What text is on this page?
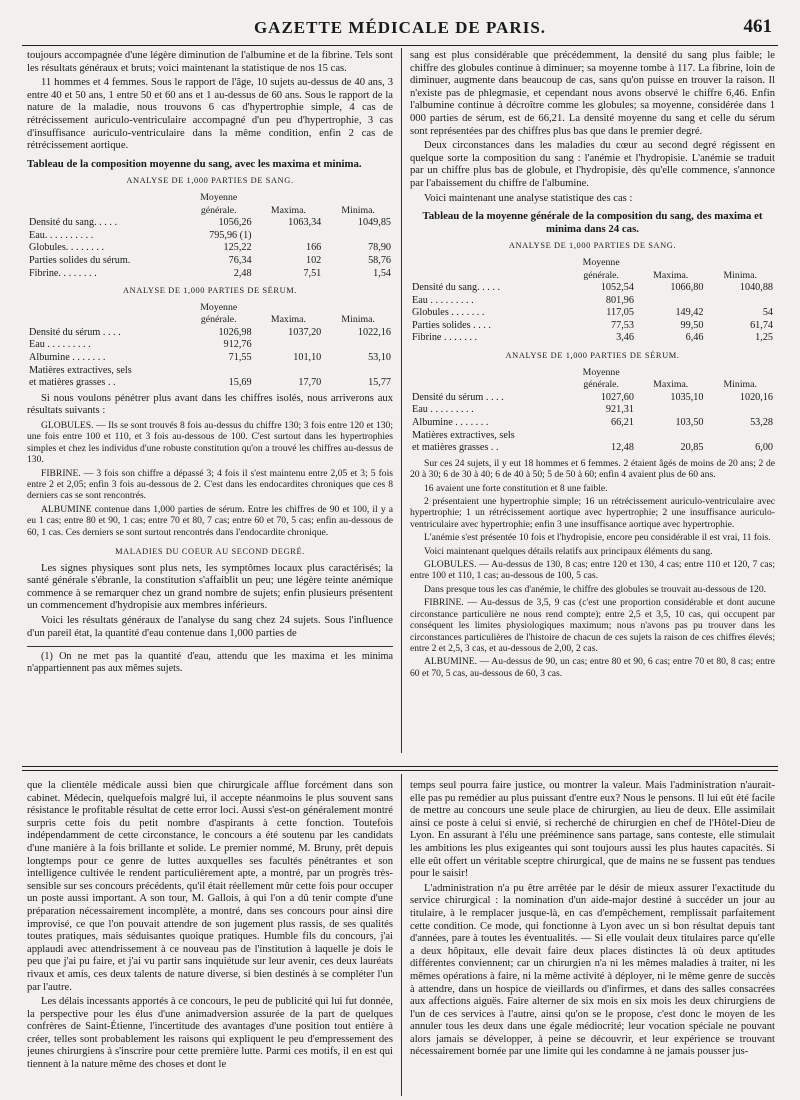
GAZETTE MÉDICALE DE PARIS.	461

toujours accompagnée d'une légère diminution de l'albumine et de la fibrine. Tels sont les résultats généraux et bruts; voici maintenant la statistique de nos 15 cas.

11 hommes et 4 femmes. Sous le rapport de l'âge, 10 sujets au-dessus de 40 ans, 3 entre 40 et 50 ans, 1 entre 50 et 60 ans et 1 au-dessus de 60 ans. Sous le rapport de la nature de la maladie, nous trouvons 6 cas d'hypertrophie simple, 4 cas de rétrécissement auriculo-ventriculaire accompagné d'un peu d'hypertrophie, 3 cas d'insuffisance auriculo-ventriculaire dans la même condition, enfin 2 cas de rétrécissement aortique.

Tableau de la composition moyenne du sang, avec les maxima et minima.

ANALYSE DE 1,000 PARTIES DE SANG.

	Moyenne générale.	Maxima.	Minima.
Densité du sang. . . . .	1056,26	1063,34	1049,85
Eau. . . . . . . . . .	795,96 (1)		
Globules. . . . . . . .	125,22	166	78,90
Parties solides du sérum.	76,34	102	58,76
Fibrine. . . . . . . .	2,48	7,51	1,54

ANALYSE DE 1,000 PARTIES DE SÉRUM.

	Moyenne générale.	Maxima.	Minima.
Densité du sérum . . . .	1026,98	1037,20	1022,16
Eau . . . . . . . . .	912,76		
Albumine . . . . . . .	71,55	101,10	53,10
Matières extractives, sels			
et matières grasses . .	15,69	17,70	15,77

Si nous voulons pénétrer plus avant dans les chiffres isolés, nous arriverons aux résultats suivants :

GLOBULES. — Ils se sont trouvés 8 fois au-dessus du chiffre 130; 3 fois entre 120 et 130; une fois entre 100 et 110, et 3 fois au-dessous de 100. C'est surtout dans les hypertrophies simples et chez les individus d'une robuste constitution qu'on a trouvé les chiffres au-dessus de 130.

FIBRINE. — 3 fois son chiffre a dépassé 3; 4 fois il s'est maintenu entre 2,05 et 3; 5 fois entre 2 et 2,05; enfin 3 fois au-dessous de 2. C'est dans les endocardites chroniques que ces 8 derniers cas se sont rencontrés.

ALBUMINE contenue dans 1,000 parties de sérum. Entre les chiffres de 90 et 100, il y a eu 1 cas; entre 80 et 90, 1 cas; entre 70 et 80, 7 cas; entre 60 et 70, 5 cas; enfin au-dessous de 60, 1 cas. Ces derniers se sont surtout rencontrés dans l'endocardite chronique.

MALADIES DU COEUR AU SECOND DEGRÉ.

Les signes physiques sont plus nets, les symptômes locaux plus caractérisés; la santé générale s'ébranle, la constitution s'affaiblit un peu; une légère teinte anémique commence à se remarquer chez un grand nombre de sujets; enfin plusieurs présentent un commencement d'hydropisie aux membres inférieurs.

Voici les résultats généraux de l'analyse du sang chez 24 sujets. Sous l'influence d'un pareil état, la quantité d'eau contenue dans 1,000 parties de

(1) On ne met pas la quantité d'eau, attendu que les maxima et les minima n'appartiennent pas aux mêmes sujets.

sang est plus considérable que précédemment, la densité du sang plus faible; le chiffre des globules continue à diminuer; sa moyenne tombe à 117. La fibrine, loin de diminuer, augmente dans beaucoup de cas, sans qu'on puisse en trouver la raison. Il n'existe pas de phlegmasie, et cependant nous avons observé le chiffre 6,46. Enfin l'albumine continue à décroître comme les globules; sa moyenne, considérée dans 1 000 parties de sérum, est de 66,21. La densité moyenne du sang et celle du sérum sont représentées par des chiffres plus bas que dans le premier degré.

Deux circonstances dans les maladies du cœur au second degré régissent en quelque sorte la composition du sang : l'anémie et l'hydropisie. L'anémie se traduit par un chiffre plus bas de globule, et l'hydropisie, dès qu'elle commence, s'annonce par l'abaissement du chiffre de l'albumine.

Voici maintenant une analyse statistique des cas :

Tableau de la moyenne générale de la composition du sang, des maxima et minima dans 24 cas.

ANALYSE DE 1,000 PARTIES DE SANG.

	Moyenne générale.	Maxima.	Minima.
Densité du sang. . . . .	1052,54	1066,80	1040,88
Eau . . . . . . . . .	801,96		
Globules . . . . . . .	117,05	149,42	54
Parties solides . . . .	77,53	99,50	61,74
Fibrine . . . . . . .	3,46	6,46	1,25

ANALYSE DE 1,000 PARTIES DE SÉRUM.

	Moyenne générale.	Maxima.	Minima.
Densité du sérum . . . .	1027,60	1035,10	1020,16
Eau . . . . . . . . .	921,31		
Albumine . . . . . . .	66,21	103,50	53,28
Matières extractives, sels			
et matières grasses . .	12,48	20,85	6,00

Sur ces 24 sujets, il y eut 18 hommes et 6 femmes. 2 étaient âgés de moins de 20 ans; 2 de 20 à 30; 6 de 30 à 40; 6 de 40 à 50; 5 de 50 à 60; enfin 4 avaient plus de 60 ans.

16 avaient une forte constitution et 8 une faible.

2 présentaient une hypertrophie simple; 16 un rétrécissement auriculo-ventriculaire avec hypertrophie; 1 un rétrécissement aortique avec hypertrophie; 2 une insuffisance auriculo-ventriculaire avec hypertrophie; enfin 3 une insuffisance aortique avec hypertrophie.

L'anémie s'est présentée 10 fois et l'hydropisie, encore peu considérable il est vrai, 11 fois.

Voici maintenant quelques détails relatifs aux principaux éléments du sang.

GLOBULES. — Au-dessus de 130, 8 cas; entre 120 et 130, 4 cas; entre 110 et 120, 7 cas; entre 100 et 110, 1 cas; au-dessous de 100, 5 cas.

Dans presque tous les cas d'anémie, le chiffre des globules se trouvait au-dessous de 120.

FIBRINE. — Au-dessus de 3,5, 9 cas (c'est une proportion considérable et dont aucune circonstance particulière ne nous rend compte); entre 2,5 et 3,5, 10 cas, qui occupent par conséquent les limites physiologiques maximum; nous n'avons pas pu trouver dans les circonstances particulières de l'histoire de chacun de ces sujets la raison de ces chiffres élevés; entre 2 et 2,5, 3 cas, et au-dessous de 2,00, 2 cas.

ALBUMINE. — Au-dessus de 90, un cas; entre 80 et 90, 6 cas; entre 70 et 80, 8 cas; entre 60 et 70, 5 cas, au-dessous de 60, 3 cas.

que la clientèle médicale aussi bien que chirurgicale afflue forcément dans son cabinet. Médecin, quelquefois malgré lui, il accepte néanmoins le plus souvent sans résistance le profitable résultat de cette error loci. Aussi s'est-on généralement montré surpris cette fois du petit nombre d'aspirants à cette fonction. Toutefois indépendamment de cette circonstance, le concours a été soutenu par les candidats d'une manière à la fois brillante et solide. Le premier nommé, M. Bruny, prêt depuis longtemps pour ce genre de luttes auxquelles ses facultés pénétrantes et son intelligence cultivée le rendent particulièrement apte, a montré, par un progrès très-sensible sur ses concours précédents, qu'il était réellement mûr cette fois pour occuper un poste aussi important. A son tour, M. Gallois, à qui l'on a dû tenir compte d'une préparation nécessairement incomplète, a montré, dans ses concours pour ainsi dire improvisé, ce que l'on pouvait attendre de son jugement plus rassis, de ses qualités toutes pratiques, mais séduisantes quoique pratiques. Humble fils du concours, j'ai applaudi avec attendrissement à ce nouveau pas de l'institution à laquelle je dois le peu que j'ai pu faire, et j'ai vu partir sans inquiétude sur leur avenir, ces deux lauréats rivaux et amis, ces deux talents de nature diverse, si bien destinés à se compléter l'un par l'autre.

Les délais incessants apportés à ce concours, le peu de publicité qui lui fut donnée, la perspective pour les élus d'une animadversion assurée de la part de quelques confrères de Saint-Étienne, l'incertitude des avantages d'une position tout entière à créer, telles sont probablement les raisons qui expliquent le peu d'empressement des jeunes chirurgiens à s'inscrire pour cette première lutte. Parmi ces motifs, il en est qui tiennent à la nature même des choses et dont le

temps seul pourra faire justice, ou montrer la valeur. Mais l'administration n'aurait-elle pas pu remédier au plus puissant d'entre eux? Nous le pensons. Il lui eût été facile de mettre au concours une seule place de chirurgien, au lieu de deux. Elle assimilait ainsi ce poste à celui si envié, si recherché de chirurgien en chef de l'Hôtel-Dieu de Lyon. En assurant à l'élu une prééminence sans partage, sans conteste, elle stimulait les ambitions les plus exigeantes qui sont toujours aussi les plus hautes capacités. Si elle eût offert un véritable sceptre chirurgical, que de mains ne se fussent pas tendues pour le saisir!

L'administration n'a pu être arrêtée par le désir de mieux assurer l'exactitude du service chirurgical : la nomination d'un aide-major destiné à succéder un jour au titulaire, à le remplacer jusque-là, en cas d'empêchement, remplissait parfaitement cette condition. Ce mode, qui fonctionne à Lyon avec un si bon résultat depuis tant d'années, pare à toutes les éventualités. — Si elle voulait deux titulaires parce qu'elle a deux hôpitaux, elle devait faire deux places distinctes là où deux aptitudes différentes conviennent; car un chirurgien n'a ni les mêmes maladies à traiter, ni les mêmes opérations à faire, ni la même activité à déployer, ni le même genre de succès à attendre, dans un hospice de vieillards ou d'infirmes, et dans des salles consacrées aux affections aiguës. Faire alterner de six mois en six mois les deux chirurgiens de l'un de ces services à l'autre, ainsi qu'on se le propose, c'est donc le moyen de les annuler tous les deux dans une égale médiocrité; leur vocation spéciale ne pouvant alors jamais se développer, à peine se découvrir, et leur expérience se trouvant nécessairement bornée par une limite qui les condamne à ne jamais pousser jus-
